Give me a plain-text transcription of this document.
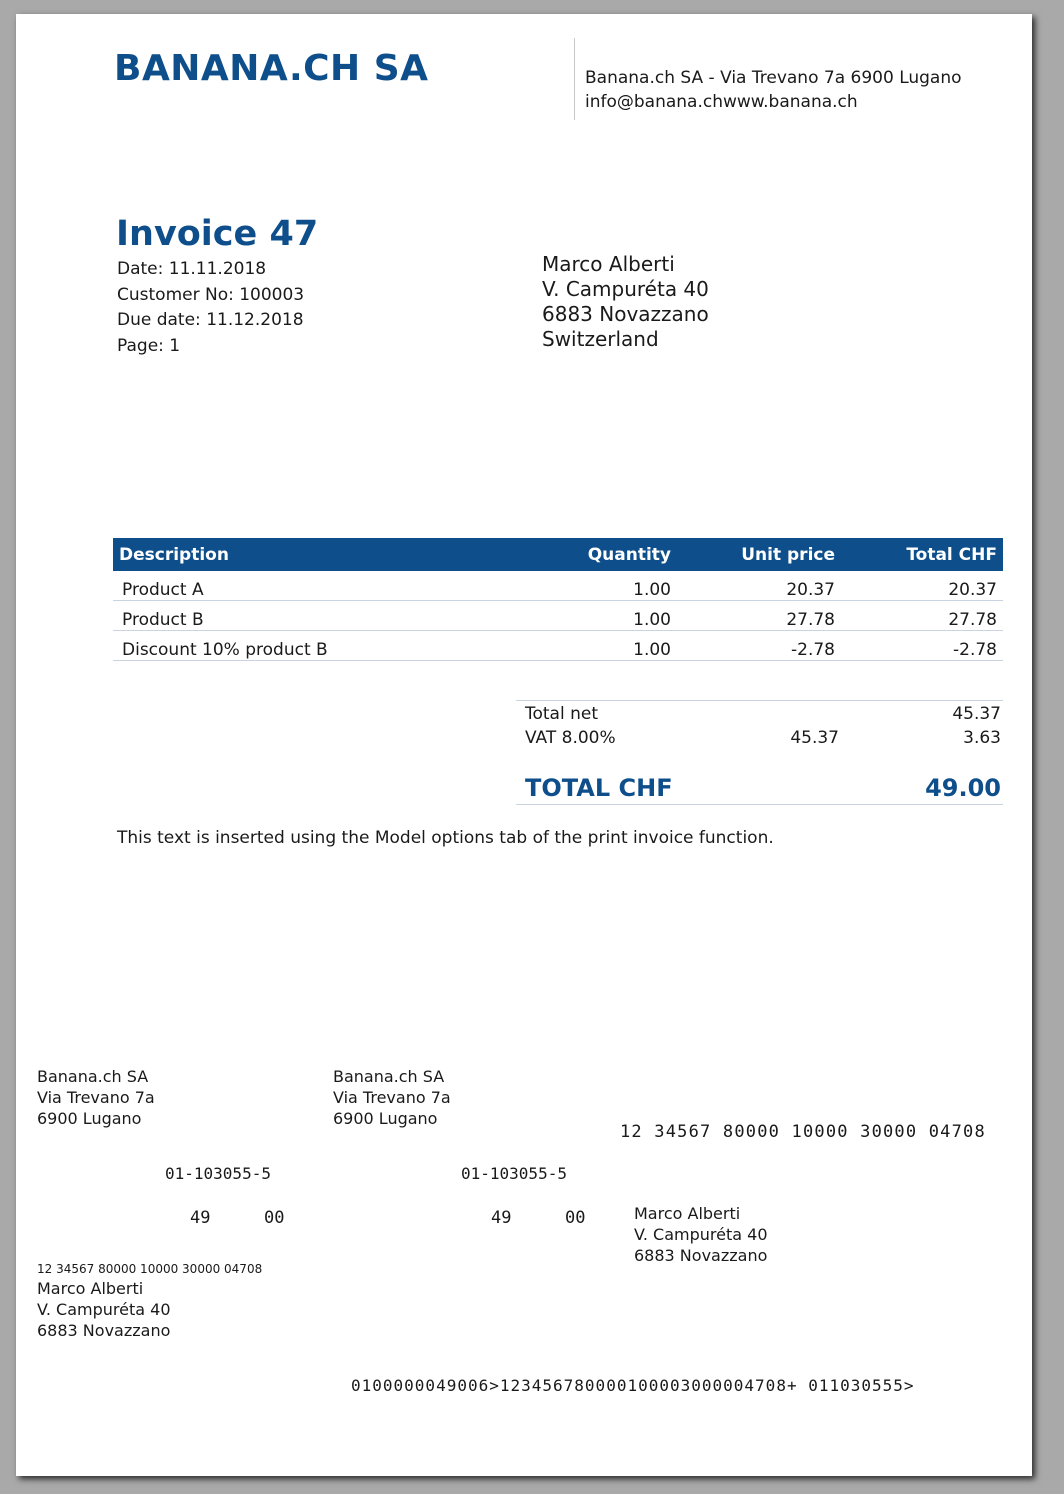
BANANA.CH SA	Banana.ch SA - Via Trevano 7a 6900 Lugano
info@banana.chwww.banana.ch
Invoice 47
Date: 11.11.2018
Customer No: 100003
Due date: 11.12.2018
Page: 1
Marco Alberti
V. Campuréta 40
6883 Novazzano
Switzerland
Description	Quantity	Unit price	Total CHF
Product A	1.00	20.37	20.37
Product B	1.00	27.78	27.78
Discount 10% product B	1.00	-2.78	-2.78
Total net		45.37
VAT 8.00%	45.37	3.63
TOTAL CHF	49.00
This text is inserted using the Model options tab of the print invoice function.
Banana.ch SA
Via Trevano 7a
6900 Lugano
Banana.ch SA
Via Trevano 7a
6900 Lugano
12 34567 80000 10000 30000 04708
01-103055-5	01-103055-5
49	00	49	00	Marco Alberti
V. Campuréta 40
6883 Novazzano
12 34567 80000 10000 30000 04708
Marco Alberti
V. Campuréta 40
6883 Novazzano
0100000049006>123456780000100003000004708+ 011030555>
